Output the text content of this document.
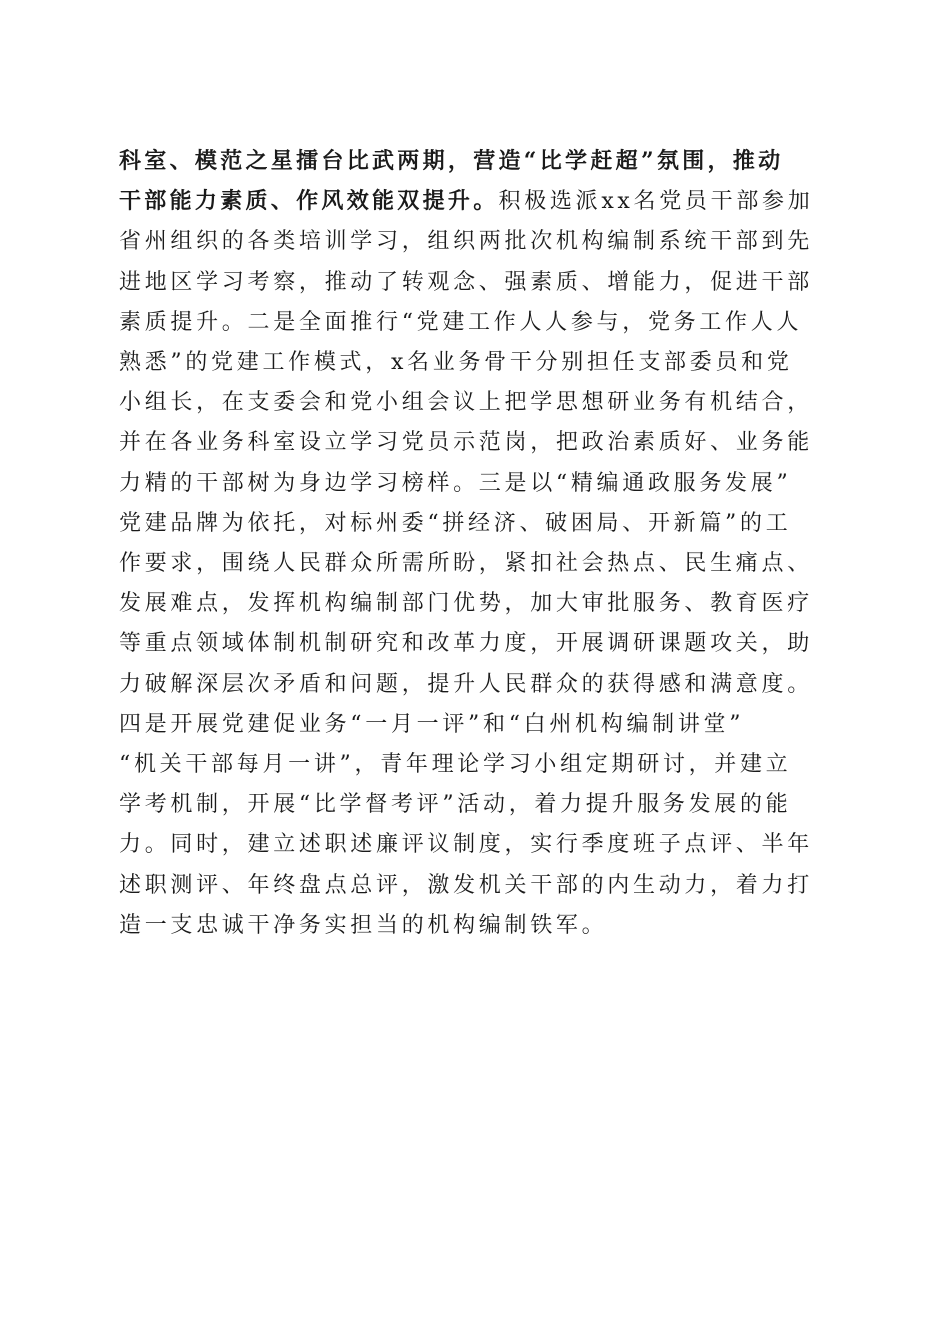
科室、模范之星擂台比武两期，营造“比学赶超”氛围，推动
干部能力素质、作风效能双提升。积极选派xx名党员干部参加
省州组织的各类培训学习，组织两批次机构编制系统干部到先
进地区学习考察，推动了转观念、强素质、增能力，促进干部
素质提升。二是全面推行“党建工作人人参与，党务工作人人
熟悉”的党建工作模式，x名业务骨干分别担任支部委员和党
小组长，在支委会和党小组会议上把学思想研业务有机结合，
并在各业务科室设立学习党员示范岗，把政治素质好、业务能
力精的干部树为身边学习榜样。三是以“精编通政服务发展”
党建品牌为依托，对标州委“拼经济、破困局、开新篇”的工
作要求，围绕人民群众所需所盼，紧扣社会热点、民生痛点、
发展难点，发挥机构编制部门优势，加大审批服务、教育医疗
等重点领域体制机制研究和改革力度，开展调研课题攻关，助
力破解深层次矛盾和问题，提升人民群众的获得感和满意度。
四是开展党建促业务“一月一评”和“白州机构编制讲堂”
“机关干部每月一讲”，青年理论学习小组定期研讨，并建立
学考机制，开展“比学督考评”活动，着力提升服务发展的能
力。同时，建立述职述廉评议制度，实行季度班子点评、半年
述职测评、年终盘点总评，激发机关干部的内生动力，着力打
造一支忠诚干净务实担当的机构编制铁军。
